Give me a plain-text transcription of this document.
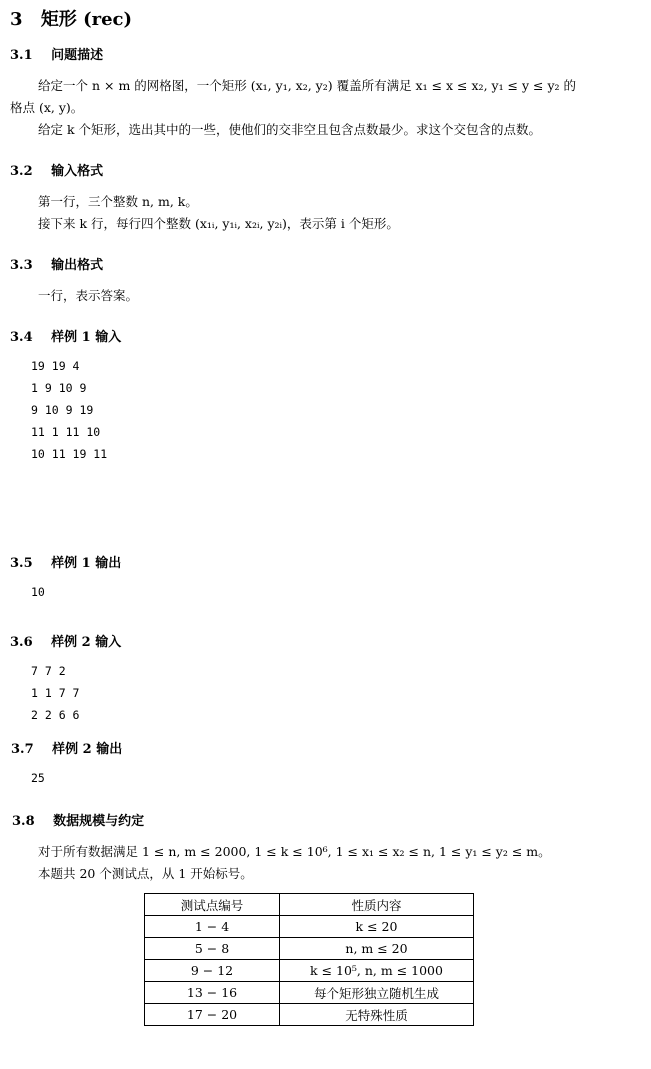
3 矩形 (rec)
3.1 问题描述
给定一个 n × m 的网格图，一个矩形 (x₁, y₁, x₂, y₂) 覆盖所有满足 x₁ ≤ x ≤ x₂, y₁ ≤ y ≤ y₂ 的
格点 (x, y)。
给定 k 个矩形，选出其中的一些，使他们的交非空且包含点数最少。求这个交包含的点数。
3.2 输入格式
第一行，三个整数 n, m, k。
接下来 k 行，每行四个整数 (x₁ᵢ, y₁ᵢ, x₂ᵢ, y₂ᵢ)，表示第 i 个矩形。
3.3 输出格式
一行，表示答案。
3.4 样例 1 输入
19 19 4
1 9 10 9
9 10 9 19
11 1 11 10
10 11 19 11
3.5 样例 1 输出
10
3.6 样例 2 输入
7 7 2
1 1 7 7
2 2 6 6
3.7 样例 2 输出
25
3.8 数据规模与约定
对于所有数据满足 1 ≤ n, m ≤ 2000, 1 ≤ k ≤ 10⁶, 1 ≤ x₁ ≤ x₂ ≤ n, 1 ≤ y₁ ≤ y₂ ≤ m。
本题共 20 个测试点，从 1 开始标号。
测试点编号	性质内容
1 − 4	k ≤ 20
5 − 8	n, m ≤ 20
9 − 12	k ≤ 10⁵, n, m ≤ 1000
13 − 16	每个矩形独立随机生成
17 − 20	无特殊性质
